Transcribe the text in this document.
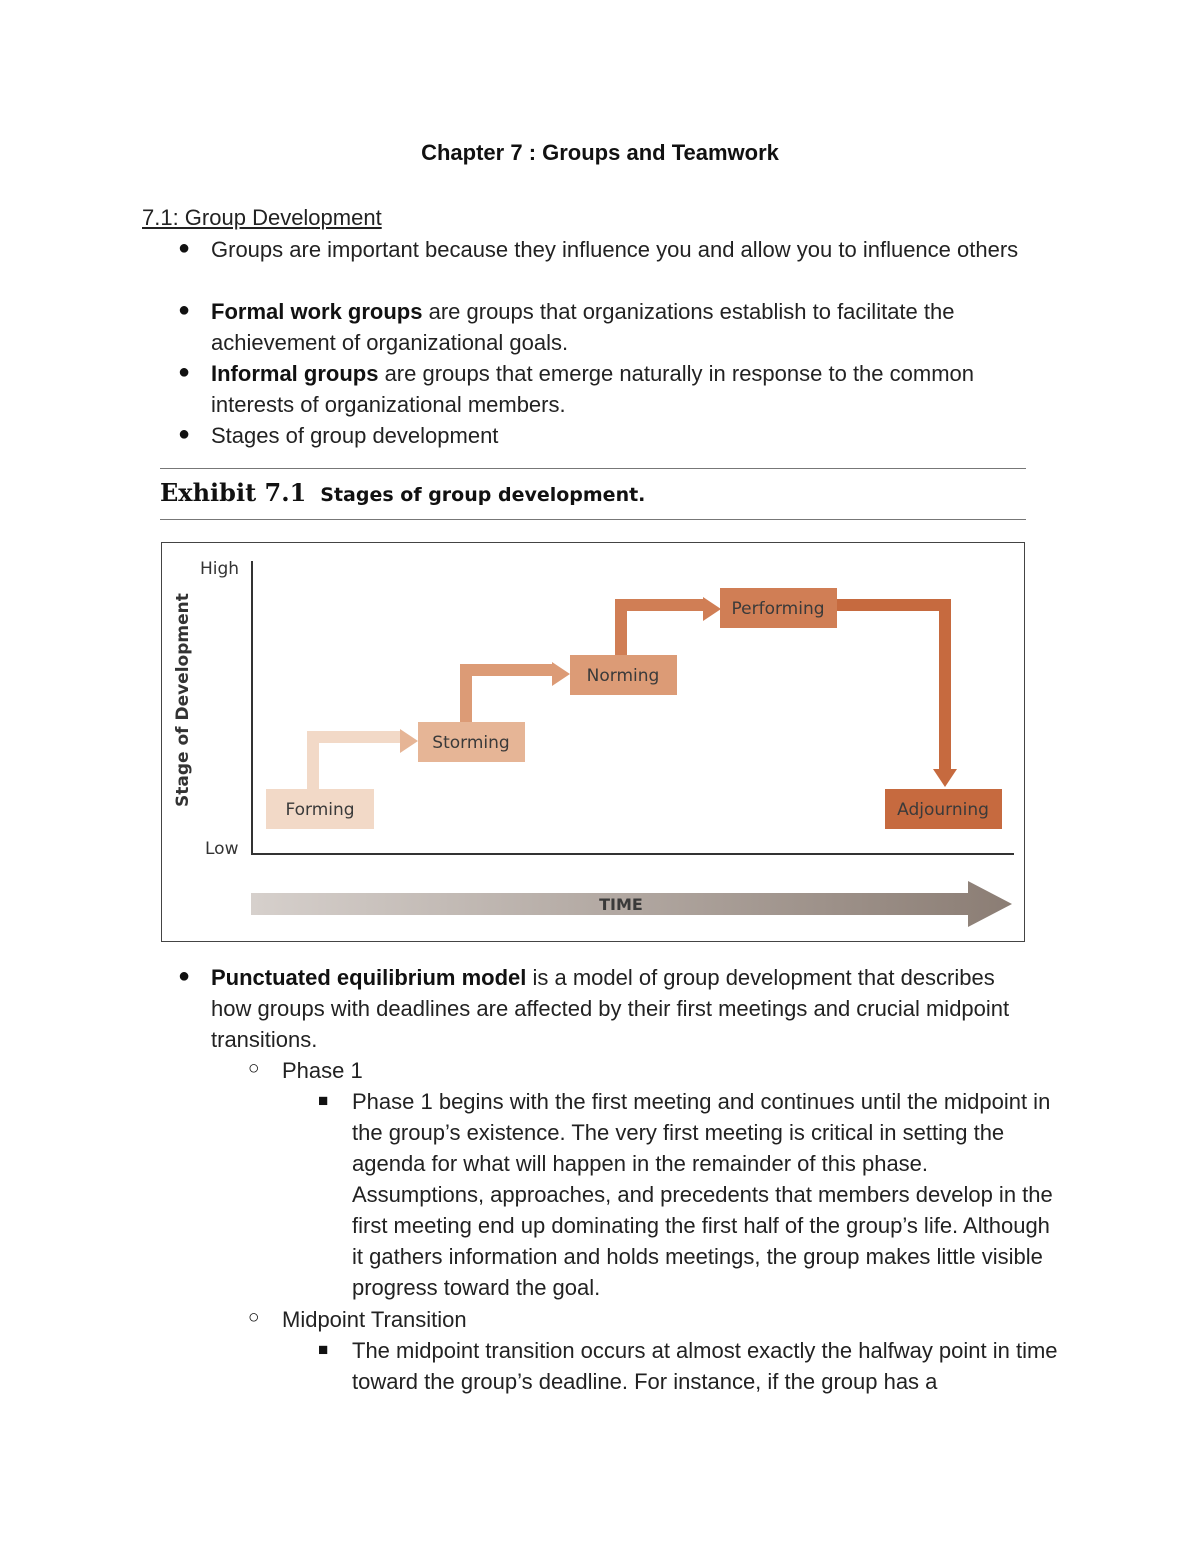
Chapter 7 : Groups and Teamwork
7.1: Group Development
● Groups are important because they influence you and allow you to influence others
● Formal work groups are groups that organizations establish to facilitate the achievement of organizational goals.
● Informal groups are groups that emerge naturally in response to the common interests of organizational members.
● Stages of group development
Exhibit 7.1 Stages of group development.
High
Low
Stage of Development
Forming
Storming
Norming
Performing
Adjourning
TIME
● Punctuated equilibrium model is a model of group development that describes how groups with deadlines are affected by their first meetings and crucial midpoint transitions.
○ Phase 1
■ Phase 1 begins with the first meeting and continues until the midpoint in the group’s existence. The very first meeting is critical in setting the agenda for what will happen in the remainder of this phase. Assumptions, approaches, and precedents that members develop in the first meeting end up dominating the first half of the group’s life. Although it gathers information and holds meetings, the group makes little visible progress toward the goal.
○ Midpoint Transition
■ The midpoint transition occurs at almost exactly the halfway point in time toward the group’s deadline. For instance, if the group has a
